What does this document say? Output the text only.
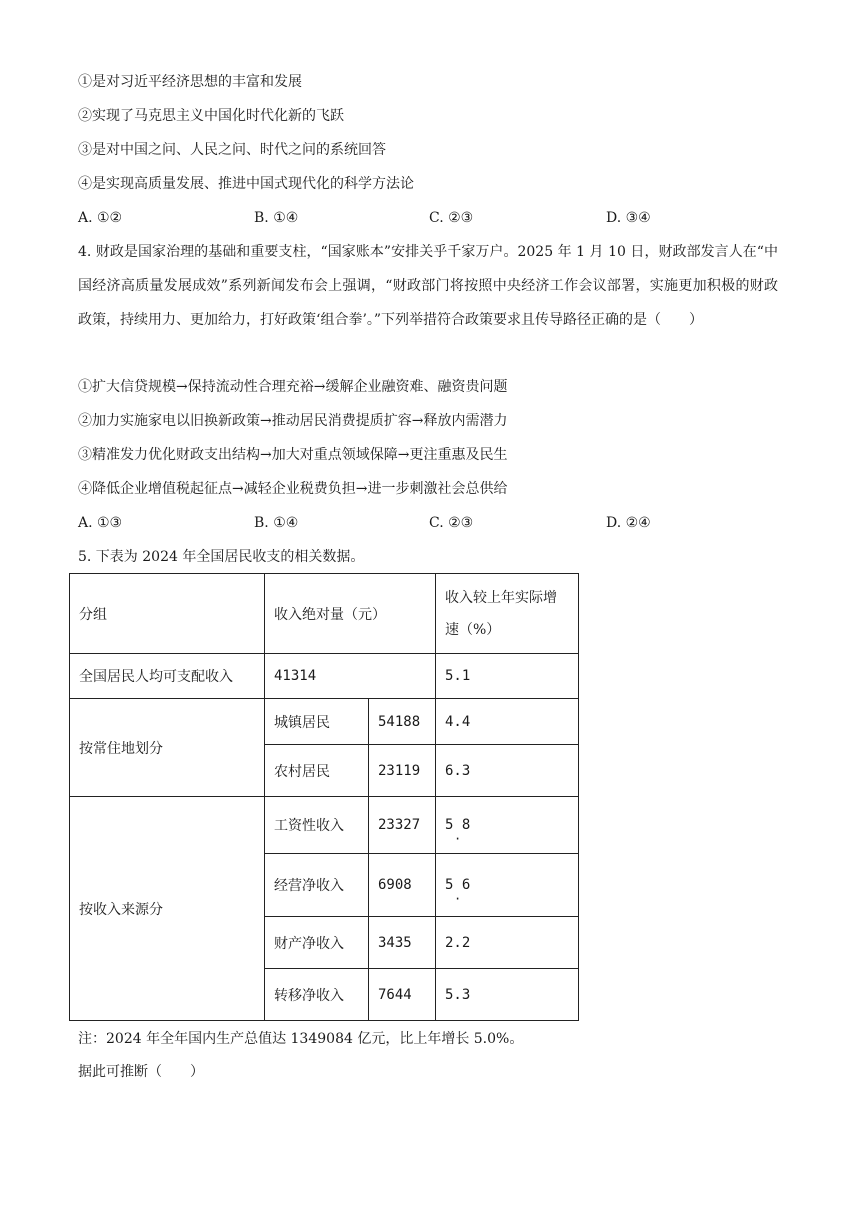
①是对习近平经济思想的丰富和发展
②实现了马克思主义中国化时代化新的飞跃
③是对中国之问、人民之问、时代之问的系统回答
④是实现高质量发展、推进中国式现代化的科学方法论
A. ①②	B. ①④	C. ②③	D. ③④
4. 财政是国家治理的基础和重要支柱，“国家账本”安排关乎千家万户。2025 年 1 月 10 日，财政部发言人在“中国经济高质量发展成效”系列新闻发布会上强调，“财政部门将按照中央经济工作会议部署，实施更加积极的财政政策，持续用力、更加给力，打好政策‘组合拳’。”下列举措符合政策要求且传导路径正确的是（　　）
①扩大信贷规模→保持流动性合理充裕→缓解企业融资难、融资贵问题
②加力实施家电以旧换新政策→推动居民消费提质扩容→释放内需潜力
③精准发力优化财政支出结构→加大对重点领域保障→更注重惠及民生
④降低企业增值税起征点→减轻企业税费负担→进一步刺激社会总供给
A. ①③	B. ①④	C. ②③	D. ②④
5. 下表为 2024 年全国居民收支的相关数据。
分组	收入绝对量（元）		收入较上年实际增
速（%）

全国居民人均可支配收入	41314		5.1
按常住地划分	城镇居民	54188	4.4
	农村居民	23119	6.3
按收入来源分	工资性收入	23327	5 8
·

	经营净收入	6908	5 6
·

	财产净收入	3435	2.2
	转移净收入	7644	5.3
注：2024 年全年国内生产总值达 1349084 亿元，比上年增长 5.0%。
据此可推断（　　）
